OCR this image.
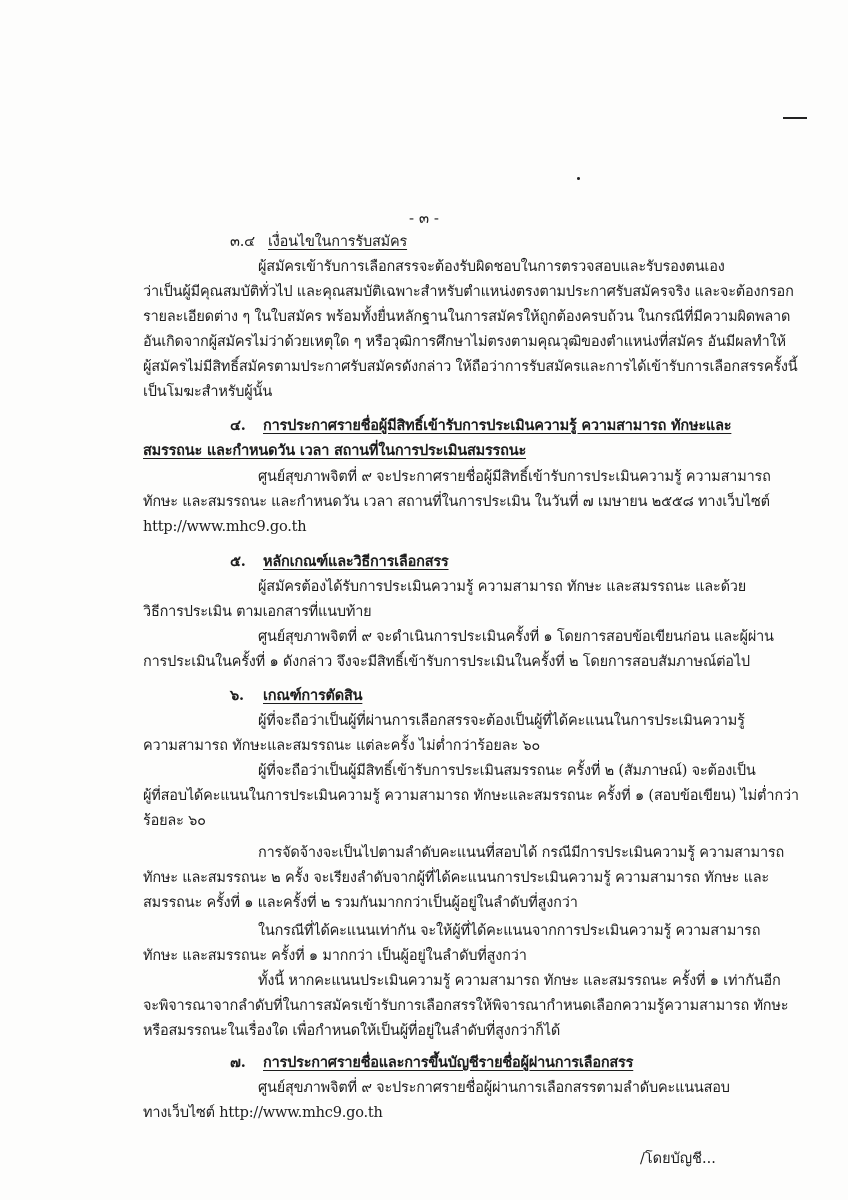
- ๓ -
๓.๔ เงื่อนไขในการรับสมัคร
ผู้สมัครเข้ารับการเลือกสรรจะต้องรับผิดชอบในการตรวจสอบและรับรองตนเอง
ว่าเป็นผู้มีคุณสมบัติทั่วไป และคุณสมบัติเฉพาะสำหรับตำแหน่งตรงตามประกาศรับสมัครจริง และจะต้องกรอก
รายละเอียดต่าง ๆ ในใบสมัคร พร้อมทั้งยื่นหลักฐานในการสมัครให้ถูกต้องครบถ้วน ในกรณีที่มีความผิดพลาด
อันเกิดจากผู้สมัครไม่ว่าด้วยเหตุใด ๆ หรือวุฒิการศึกษาไม่ตรงตามคุณวุฒิของตำแหน่งที่สมัคร อันมีผลทำให้
ผู้สมัครไม่มีสิทธิ์สมัครตามประกาศรับสมัครดังกล่าว ให้ถือว่าการรับสมัครและการได้เข้ารับการเลือกสรรครั้งนี้
เป็นโมฆะสำหรับผู้นั้น
๔. การประกาศรายชื่อผู้มีสิทธิ์เข้ารับการประเมินความรู้ ความสามารถ ทักษะและ
สมรรถนะ และกำหนดวัน เวลา สถานที่ในการประเมินสมรรถนะ
ศูนย์สุขภาพจิตที่ ๙ จะประกาศรายชื่อผู้มีสิทธิ์เข้ารับการประเมินความรู้ ความสามารถ
ทักษะ และสมรรถนะ และกำหนดวัน เวลา สถานที่ในการประเมิน ในวันที่ ๗ เมษายน ๒๕๕๘ ทางเว็บไซต์
http://www.mhc9.go.th
๕. หลักเกณฑ์และวิธีการเลือกสรร
ผู้สมัครต้องได้รับการประเมินความรู้ ความสามารถ ทักษะ และสมรรถนะ และด้วย
วิธีการประเมิน ตามเอกสารที่แนบท้าย
ศูนย์สุขภาพจิตที่ ๙ จะดำเนินการประเมินครั้งที่ ๑ โดยการสอบข้อเขียนก่อน และผู้ผ่าน
การประเมินในครั้งที่ ๑ ดังกล่าว จึงจะมีสิทธิ์เข้ารับการประเมินในครั้งที่ ๒ โดยการสอบสัมภาษณ์ต่อไป
๖. เกณฑ์การตัดสิน
ผู้ที่จะถือว่าเป็นผู้ที่ผ่านการเลือกสรรจะต้องเป็นผู้ที่ได้คะแนนในการประเมินความรู้
ความสามารถ ทักษะและสมรรถนะ แต่ละครั้ง ไม่ต่ำกว่าร้อยละ ๖๐
ผู้ที่จะถือว่าเป็นผู้มีสิทธิ์เข้ารับการประเมินสมรรถนะ ครั้งที่ ๒ (สัมภาษณ์) จะต้องเป็น
ผู้ที่สอบได้คะแนนในการประเมินความรู้ ความสามารถ ทักษะและสมรรถนะ ครั้งที่ ๑ (สอบข้อเขียน) ไม่ต่ำกว่า
ร้อยละ ๖๐
การจัดจ้างจะเป็นไปตามลำดับคะแนนที่สอบได้ กรณีมีการประเมินความรู้ ความสามารถ
ทักษะ และสมรรถนะ ๒ ครั้ง จะเรียงลำดับจากผู้ที่ได้คะแนนการประเมินความรู้ ความสามารถ ทักษะ และ
สมรรถนะ ครั้งที่ ๑ และครั้งที่ ๒ รวมกันมากกว่าเป็นผู้อยู่ในลำดับที่สูงกว่า
ในกรณีที่ได้คะแนนเท่ากัน จะให้ผู้ที่ได้คะแนนจากการประเมินความรู้ ความสามารถ
ทักษะ และสมรรถนะ ครั้งที่ ๑ มากกว่า เป็นผู้อยู่ในลำดับที่สูงกว่า
ทั้งนี้ หากคะแนนประเมินความรู้ ความสามารถ ทักษะ และสมรรถนะ ครั้งที่ ๑ เท่ากันอีก
จะพิจารณาจากลำดับที่ในการสมัครเข้ารับการเลือกสรรให้พิจารณากำหนดเลือกความรู้ความสามารถ ทักษะ
หรือสมรรถนะในเรื่องใด เพื่อกำหนดให้เป็นผู้ที่อยู่ในลำดับที่สูงกว่าก็ได้
๗. การประกาศรายชื่อและการขึ้นบัญชีรายชื่อผู้ผ่านการเลือกสรร
ศูนย์สุขภาพจิตที่ ๙ จะประกาศรายชื่อผู้ผ่านการเลือกสรรตามลำดับคะแนนสอบ
ทางเว็บไซต์ http://www.mhc9.go.th
/โดยบัญชี...
